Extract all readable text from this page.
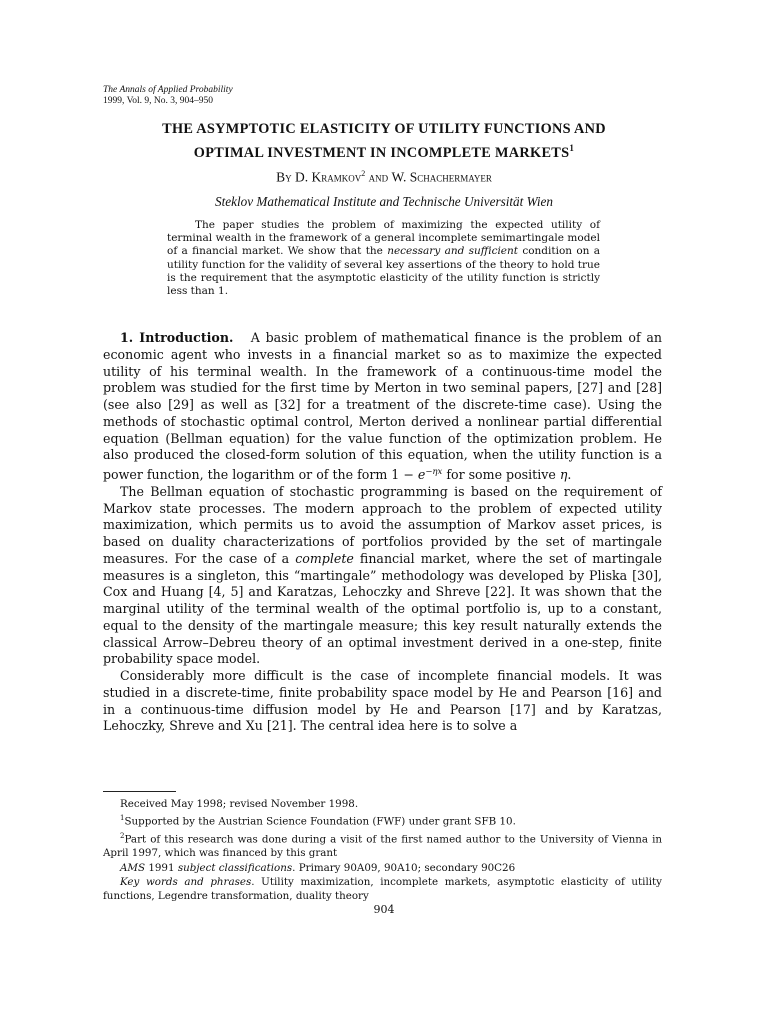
The Annals of Applied Probability
1999, Vol. 9, No. 3, 904–950
THE ASYMPTOTIC ELASTICITY OF UTILITY FUNCTIONS AND
OPTIMAL INVESTMENT IN INCOMPLETE MARKETS$^1$
By D. Kramkov$^2$ and W. Schachermayer
Steklov Mathematical Institute and Technische Universität Wien
The paper studies the problem of maximizing the expected utility of terminal wealth in the framework of a general incomplete semimartingale model of a financial market. We show that the necessary and sufficient condition on a utility function for the validity of several key assertions of the theory to hold true is the requirement that the asymptotic elasticity of the utility function is strictly less than 1.

1. Introduction. A basic problem of mathematical finance is the problem of an economic agent who invests in a financial market so as to maximize the expected utility of his terminal wealth. In the framework of a continuous-time model the problem was studied for the first time by Merton in two seminal papers, [27] and [28] (see also [29] as well as [32] for a treatment of the discrete-time case). Using the methods of stochastic optimal control, Merton derived a nonlinear partial differential equation (Bellman equation) for the value function of the optimization problem. He also produced the closed-form solution of this equation, when the utility function is a power function, the logarithm or of the form $1 - e^{-\eta x}$ for some positive η.

The Bellman equation of stochastic programming is based on the requirement of Markov state processes. The modern approach to the problem of expected utility maximization, which permits us to avoid the assumption of Markov asset prices, is based on duality characterizations of portfolios provided by the set of martingale measures. For the case of a complete financial market, where the set of martingale measures is a singleton, this “martingale” methodology was developed by Pliska [30], Cox and Huang [4, 5] and Karatzas, Lehoczky and Shreve [22]. It was shown that the marginal utility of the terminal wealth of the optimal portfolio is, up to a constant, equal to the density of the martingale measure; this key result naturally extends the classical Arrow–Debreu theory of an optimal investment derived in a one-step, finite probability space model.

Considerably more difficult is the case of incomplete financial models. It was studied in a discrete-time, finite probability space model by He and Pearson [16] and in a continuous-time diffusion model by He and Pearson [17] and by Karatzas, Lehoczky, Shreve and Xu [21]. The central idea here is to solve a

Received May 1998; revised November 1998.
$^1$Supported by the Austrian Science Foundation (FWF) under grant SFB 10.
$^2$Part of this research was done during a visit of the first named author to the University of Vienna in April 1997, which was financed by this grant
AMS 1991 subject classifications. Primary 90A09, 90A10; secondary 90C26
Key words and phrases. Utility maximization, incomplete markets, asymptotic elasticity of utility functions, Legendre transformation, duality theory
904
